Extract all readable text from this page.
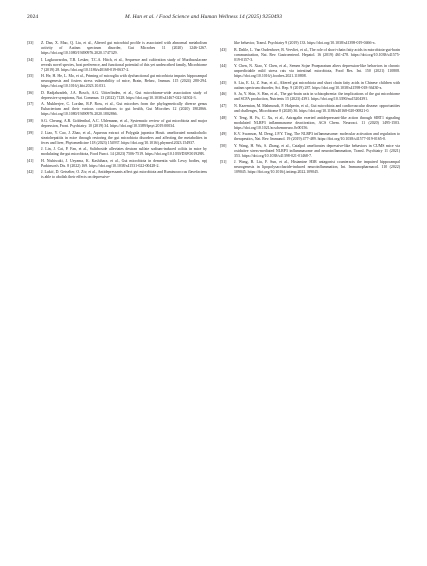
2024	M. Han et al. / Food Science and Human Wellness 14 (2025) 9250493
[33]	Z. Dan, X. Mao, Q. Liu, et al., Altered gut microbial profile is associated with abnormal metabolism activity of Autism spectrum disorder, Gut Microbes 11 (2020) 1246-1267. https://doi.org/10.1080/19490976.2020.1747329.
[34]	I. Lagkouvardos, T.R. Lesker, T.C.A. Hitch, et al., Sequence and cultivation study of Muribaculaceae reveals novel species, host preference, and functional potential of this yet undescribed family, Microbiome 7 (2019) 28. https://doi.org/10.1186/s40168-019-0637-2.
[35]	H. He, H. He, L. Mo, et al., Priming of microglia with dysfunctional gut microbiota impairs hippocampal neurogenesis and fosters stress vulnerability of mice, Brain, Behav., Immun. 115 (2024) 280-294. https://doi.org/10.1016/j.bbi.2023.10.031.
[36]	D. Radjabzadeh, J.A. Bosch, A.G. Uitterlinden, et al., Gut microbiome-wide association study of depressive symptoms, Nat. Commun. 13 (2022) 7128. https://doi.org/10.1038/s41467-022-34502-3.
[37]	A. Mukherjee, C. Lordan, R.P. Ross, et al., Gut microbes from the phylogenetically diverse genus Eubacterium and their various contributions to gut health, Gut Microbes 12 (2020) 1802866. https://doi.org/10.1080/19490976.2020.1802866.
[38]	S.G. Cheung, A.R. Goldenthal, A.C. Uhlemann, et al., Systematic review of gut microbiota and major depression, Front. Psychiatry. 10 (2019) 34. https://doi.org/10.3389/fpsyt.2019.00034.
[39]	J. Liao, Y. Cao, J. Zhao, et al., Aqueous extract of Polygala japonica Houtt. ameliorated nonalcoholic steatohepatitis in mice through restoring the gut microbiota disorders and affecting the metabolites in feces and liver, Phytomedicine 118 (2023) 154937. https://doi.org/10.1016/j.phymed.2023.154937.
[40]	J. Lin, J. Cai, P. Fan, et al., Salidroside alleviates dextran sulfate sodium-induced colitis in mice by modulating the gut microbiota, Food Funct. 14 (2023) 7506-7519. https://doi.org/10.1039/D3FO01929B.
[41]	H. Nishiwaki, J. Ueyama, K. Kashihara, et al., Gut microbiota in dementia with Lewy bodies, npj Parkinson's Dis. 8 (2022) 169. https://doi.org/10.1038/s41531-022-00428-2.
[42]	J. Lukić, D. Getselter, O. Ziv, et al., Antidepressants affect gut microbiota and Ruminococcus flavefaciens is able to abolish their effects on depressive-
like behavior, Transl. Psychiatry 9 (2019) 133. https://doi.org/10.1038/s41398-019-0466-x.
[43]	B. Dalile, L. Van Oudenhove, B. Vervliet, et al., The role of short-chain fatty acids in microbiota-gut-brain communication, Nat. Rev. Gastroenterol. Hepatol. 16 (2019) 461-478. https://doi.org/10.1038/s41575-019-0157-3.
[44]	Y. Chen, N. Xiao, Y. Chen, et al., Semen Sojae Praeparatum alters depression-like behaviors in chronic unpredictable mild stress rats via intestinal microbiota, Food Res. Int. 150 (2021) 110808. https://doi.org/10.1016/j.foodres.2021.110808.
[45]	S. Liu, E. Li, Z. Sun, et al., Altered gut microbiota and short chain fatty acids in Chinese children with autism spectrum disorder, Sci. Rep. 9 (2019) 287. https://doi.org/10.1038/s41598-018-36430-z.
[46]	S. Ju, Y. Shin, S. Han, et al., The gut-brain axis in schizophrenia: the implications of the gut microbiome and SCFA production, Nutrients 15 (2023) 4391. https://doi.org/10.3390/nu15204391.
[47]	N. Kazemian, M. Mahmoudi, F. Halperin, et al., Gut microbiota and cardiovascular disease: opportunities and challenges, Microbiome 8 (2020) 36. https://doi.org/10.1186/s40168-020-00821-0.
[48]	Y. Teng, H. Fu, C. Xu, et al., Astragalin exerted antidepressant-like action through SIRT1 signaling modulated NLRP3 inflammasome deactivation, ACS Chem. Neurosci. 11 (2020) 1495-1503. https://doi.org/10.1021/acschemneuro.0c00156.
[49]	K.V. Swanson, M. Deng, J.P.Y. Ting, The NLRP3 inflammasome: molecular activation and regulation to therapeutics, Nat. Rev. Immunol. 19 (2019) 477-489. https://doi.org/10.1038/s41577-019-0165-0.
[50]	Y. Wang, H. Wu, S. Zhang, et al., Catalpol ameliorates depressive-like behaviors in CUMS mice via oxidative stress-mediated NLRP3 inflammasome and neuroinflammation, Transl. Psychiatry 11 (2021) 353. https://doi.org/10.1038/s41398-021-01468-7.
[51]	J. Wang, B. Liu, F. Sun, et al., Histamine H3R antagonist counteracts the impaired hippocampal neurogenesis in lipopolysaccharide-induced neuroinflammation, Int. Immunopharmacol. 110 (2022) 109045. https://doi.org/10.1016/j.intimp.2022.109045.
